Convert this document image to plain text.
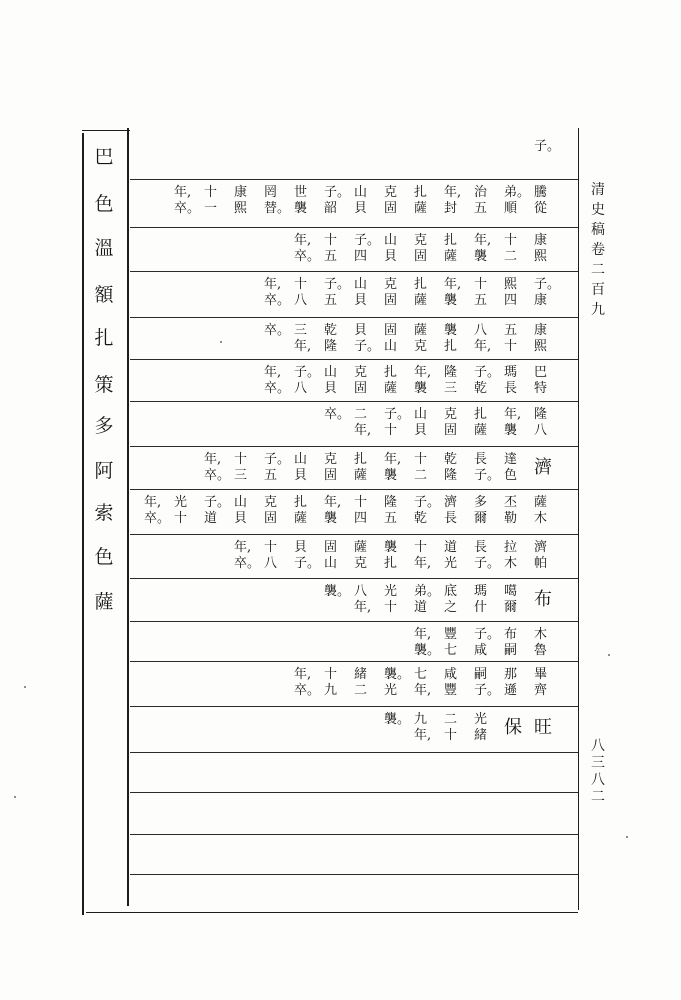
巴
色
溫
額
扎
策
多
阿
索
色
薩
子。
騰
從
弟。
順
治
五
年,
封
扎
薩
克
固
山
貝
子。
韶
世
襲
罔
替。
康
熙
十
一
年,
卒。
康
熙
十
二
年,
襲
扎
薩
克
固
山
貝
子。
四
十
五
年,
卒。
子。
康
熙
四
十
五
年,
襲
扎
薩
克
固
山
貝
子。
五
十
八
年,
卒。
康
熙
五
十
八
年,
襲
扎
薩
克
固
山
貝
子。
乾
隆
三
年,
卒。
巴
特
瑪
長
子。
乾
隆
三
年,
襲
扎
薩
克
固
山
貝
子。
八
年,
卒。
隆
八
年,
襲
扎
薩
克
固
山
貝
子。
十
二
年,
卒。
濟
達
色
長
子。
乾
隆
十
二
年,
襲
扎
薩
克
固
山
貝
子。
五
十
三
年,
卒。
薩
木
丕
勒
多
爾
濟
長
子。
乾
隆
五
十
四
年,
襲
扎
薩
克
固
山
貝
子。
道
光
十
年,
卒。
濟
帕
拉
木
長
子。
道
光
十
年,
襲
扎
薩
克
固
山
貝
子。
十
八
年,
卒。
布
噶
爾
瑪
什
底
之
弟。
道
光
十
八
年,
襲。
木
魯
布
嗣
子。
咸
豐
七
年,
襲。
畢
齊
那
遜
嗣
子。
咸
豐
七
年,
襲。
光
緒
二
十
九
年,
卒。
旺
保
光
緒
二
十
九
年,
襲。
清
史
稿
卷
二
百
九
八
三
八
二
